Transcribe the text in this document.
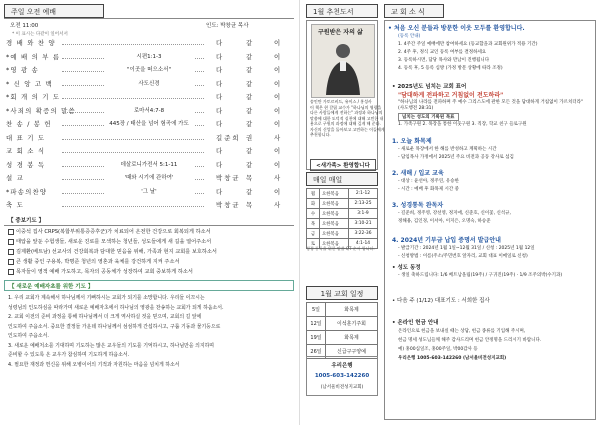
주일 오전 예배
오전 11:00	인도: 박창균 목사
* 이 표시는 다같이 일어서서
경 배 와 찬 양	다	같	이
*예 배 의 부 름	시편1:1-3	다	같	이
*영 광 송	"이곳을 떠으소서"	다	같	이
* 신 앙 고 백	사도신경	다	같	이
*회 개 의 기 도	다	같	이
*사죄의 확증의 말씀	로마서4:7-8	다	같	이
찬 송 / 봉 헌	445장 / 태산을 넘어 험곡에 가도	다	같	이
대 표 기 도	길 준 희 권	사
교 회 소 식	다	같	이
성 경 봉 독	데살로니가전서 5:1-11	다	같	이
설 교	'때와 시기에 관하여'	박 창 균 목	사
*파송의찬양	'그 날'	다	같	이
축 도	박 창 균 목	사
【 중보기도 】
이중석 집사 CRPS(복합부위통증증후군)가 치료되어 온전한 건강으로 회복되게 하소서
태압을 앞둔 수험생들, 새로운 진로를 모색하는 청년들, 성도들에게 새 길을 열어주소서
김제환(베트남) 선교사의 건강회복과 담대한 믿음을 위해, 가족과 현지 교회를 보호하소서
큰 생활 중인 구용복, 박명준 청년의 영혼과 육체를 강건하게 지켜 주소서
목자들이 영적 예배 가도하고, 목자의 공동체가 성장하여 교회 중보하게 하소서
【 새로운 예배자초를 위한 기도 】
1. 우리 교회가 계속해서 하나님께서 기뻐하시는 교회가 되기를 소망합니다. 우리들 이끄시는
성령님의 인도하심을 따라가며 새로운 예배자초에서 하나님의 영광을 찬송하는 교회가 되게 하옵소서.
2. 교회 이전의 준비 과정을 통해 하나님께서 더 크게 역사하실 것을 믿으며, 교회의 길 앞에
인도하여 주옵소서. 중요한 결정들 가운데 하나님께서 섬섬하게 간섭하시고, 구룹 기동과 물기등으로
인도하여 주옵소서.
3. 새로운 예배처소를 기대하며 기도하는 많은 교우들의 기도를 기억하시고, 하나님만을 의지하며
준비할 수 있도록 온 교우가 참심하며 기도하게 하옵소서.
4. 필요한 재정과 헌신을 위해 오병이어의 기적과 자원하는 마음을 넘치게 하소서
1월 추천도서
구원받은 자의 삶
송인만 가토르비드, 유이스 / 홍성사
이 책은 현 갈립 교수가 "하나님의 영광을
다른 사람들에게 전하는" 과정과 하나님의
말씀에 대한 도덕적 실천에 대해 고민한 내
용으로 구원의 과정에 대해 깊게 해 준다.
자신의 신앙을 돌아보고 고민하는 이들에게
추천합니다.
<새가족> 환영합니다
매일 매일
월	요한복음	2:1-12
화	요한복음	2:13-25
수	요한복음	3:1-9
목	요한복음	3:10-21
금	요한복음	3:22-36
토	요한복음	4:1-14
성경 통독을 위한 말씀 QT 순서 입니다.
1월 교회 일정
5일	화목제
12일	이석훈기주회
19일	화목제
26일	신급구구양예
우리은행
1005-603-142260
(남서울비전성지교회)
교 회 소 식
• 처음 오신 분들과 방문한 이웃 모두를 환영합니다.
(등록 안내)
1. 4주간 주일 예배에만 참여하세요 (등교합을과 교회원위가 적용 기간)
2. 4주 후, 정식 교인 등록 여부를 결정하세요
3. 등록하시면, 담당 목사와 만남이 진행됩니다
4. 등록 후, 5 등록 심방 (가정 방문 상황에 따라 조정)
• 2025년도 넘치는 교회 표어
"담대하게 전파하고 거침없이 전도하라"
"하나님의 나라를 전파하며 주 예수 그리스도에 관한 모든 것을 담대하게 거침없이 가르치더라" (사도행전 28:31)
넘치는 성도의 기록된 목표
1. 가족구원 2. 목장을 통한 이웃구원 3. 직장, 학교 친구 들로구원
1. 오늘 화목제
- 새로운 목장에서 한 해를 반성하고 계획하는 시간
- 담임목사 가정에서 2025년 주요 비전과 공동 강사로 섬김
2. 새해 / 입교 교육
- 대상 : 윤선아, 정주연, 유승한
- 시간 : 예배 후 화목제 시간 중
3. 성경통독 완독자
- 길준희, 정주영, 강선영, 정지애, 신준호, 신이꽃, 신석규,
정해용, 김인경, 이서아, 이지은, 오명숙, 하승준
4. 2024년 기부금 납입 증명서 발급안내
- 발급기간 : 2024년 1월 1일~12월 31일 / 신청 : 2025년 1월 12일
- 신청방법 : 이름(주소/주민번호 앞자리, 교회 대표 이메일로 신청)
• 성도 동정
- 생일 축하드립니다: 1/6 베트남올림(19주) / 구귀진(19주) · 1/9 조주의박(수기과)
• 다음 주 (1/12) 대표기도 : 서희한 집사
• 온라인 헌금 안내
온라인으로 헌금을 보내실 때는 상담, 헌금 종류를 기입해 주시며,
헌금 명세 성도님들께 해주 감사드리며 헌금 안정명을 드리시기 바랍니다.
예) 홍00십일조, 홍00주일, 박00감사 등
우리은행 1005-603-142260 (남서울비전성지교회)
